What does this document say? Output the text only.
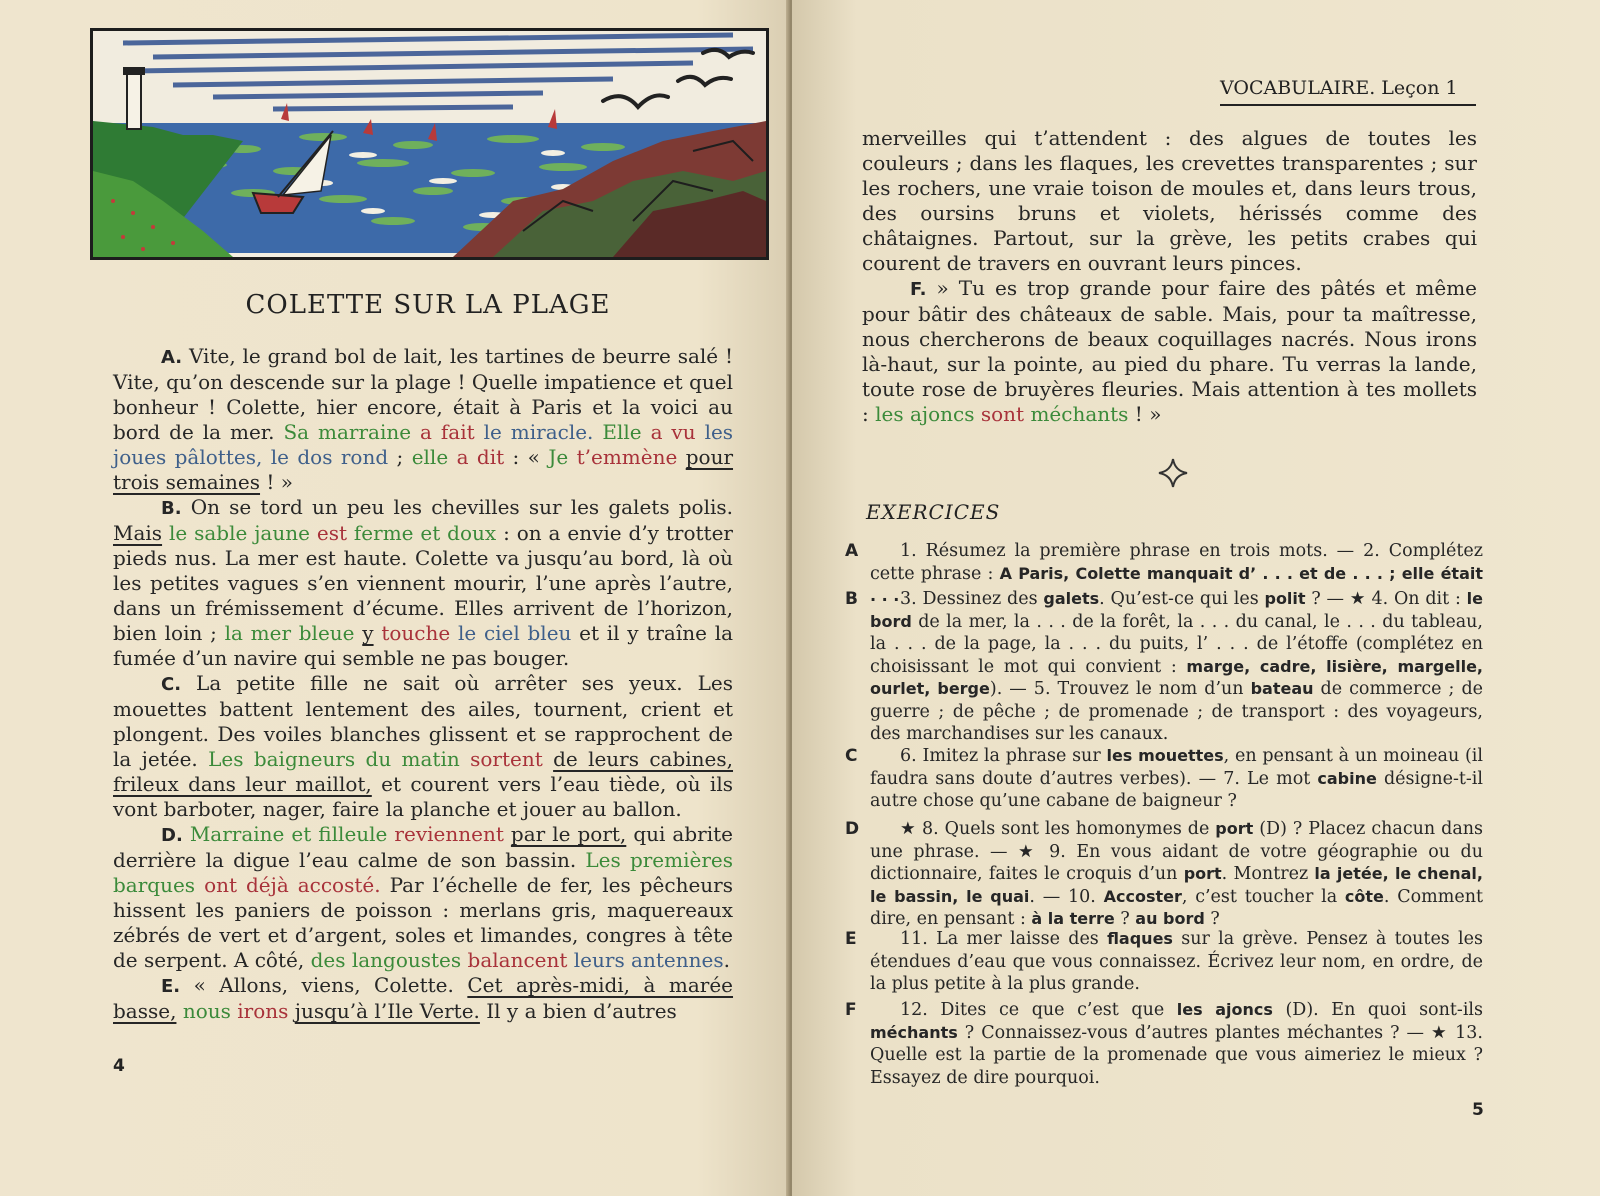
COLETTE SUR LA PLAGE

A. Vite, le grand bol de lait, les tartines de beurre salé ! Vite, qu’on descende sur la plage ! Quelle impatience et quel bonheur ! Colette, hier encore, était à Paris et la voici au bord de la mer. Sa marraine a fait le miracle. Elle a vu les joues pâlottes, le dos rond ; elle a dit : « Je t’emmène pour trois semaines ! »

B. On se tord un peu les chevilles sur les galets polis. Mais le sable jaune est ferme et doux : on a envie d’y trotter pieds nus. La mer est haute. Colette va jusqu’au bord, là où les petites vagues s’en viennent mourir, l’une après l’autre, dans un frémissement d’écume. Elles arrivent de l’horizon, bien loin ; la mer bleue y touche le ciel bleu et il y traîne la fumée d’un navire qui semble ne pas bouger.

C. La petite fille ne sait où arrêter ses yeux. Les mouettes battent lentement des ailes, tournent, crient et plongent. Des voiles blanches glissent et se rapprochent de la jetée. Les baigneurs du matin sortent de leurs cabines, frileux dans leur maillot, et courent vers l’eau tiède, où ils vont barboter, nager, faire la planche et jouer au ballon.

D. Marraine et filleule reviennent par le port, qui abrite derrière la digue l’eau calme de son bassin. Les premières barques ont déjà accosté. Par l’échelle de fer, les pêcheurs hissent les paniers de poisson : merlans gris, maquereaux zébrés de vert et d’argent, soles et limandes, congres à tête de serpent. A côté, des langoustes balancent leurs antennes.

E. « Allons, viens, Colette. Cet après-midi, à marée basse, nous irons jusqu’à l’Ile Verte. Il y a bien d’autres

4
VOCABULAIRE. Leçon 1

merveilles qui t’attendent : des algues de toutes les couleurs ; dans les flaques, les crevettes transparentes ; sur les rochers, une vraie toison de moules et, dans leurs trous, des oursins bruns et violets, hérissés comme des châtaignes. Partout, sur la grève, les petits crabes qui courent de travers en ouvrant leurs pinces.

F. » Tu es trop grande pour faire des pâtés et même pour bâtir des châteaux de sable. Mais, pour ta maîtresse, nous chercherons de beaux coquillages nacrés. Nous irons là-haut, sur la pointe, au pied du phare. Tu verras la lande, toute rose de bruyères fleuries. Mais attention à tes mollets : les ajoncs sont méchants ! »

EXERCICES
A	1. Résumez la première phrase en trois mots. — 2. Complétez cette phrase : A Paris, Colette manquait d’ . . . et de . . . ; elle était . . .
B	3. Dessinez des galets. Qu’est-ce qui les polit ? — ★ 4. On dit : le bord de la mer, la . . . de la forêt, la . . . du canal, le . . . du tableau, la . . . de la page, la . . . du puits, l’ . . . de l’étoffe (complétez en choisissant le mot qui convient : marge, cadre, lisière, margelle, ourlet, berge). — 5. Trouvez le nom d’un bateau de commerce ; de guerre ; de pêche ; de promenade ; de transport : des voyageurs, des marchandises sur les canaux.
C	6. Imitez la phrase sur les mouettes, en pensant à un moineau (il faudra sans doute d’autres verbes). — 7. Le mot cabine désigne-t-il autre chose qu’une cabane de baigneur ?
D	★ 8. Quels sont les homonymes de port (D) ? Placez chacun dans une phrase. — ★ 9. En vous aidant de votre géographie ou du dictionnaire, faites le croquis d’un port. Montrez la jetée, le chenal, le bassin, le quai. — 10. Accoster, c’est toucher la côte. Comment dire, en pensant : à la terre ? au bord ?
E	11. La mer laisse des flaques sur la grève. Pensez à toutes les étendues d’eau que vous connaissez. Écrivez leur nom, en ordre, de la plus petite à la plus grande.
F	12. Dites ce que c’est que les ajoncs (D). En quoi sont-ils méchants ? Connaissez-vous d’autres plantes méchantes ? — ★ 13. Quelle est la partie de la promenade que vous aimeriez le mieux ? Essayez de dire pourquoi.
5
